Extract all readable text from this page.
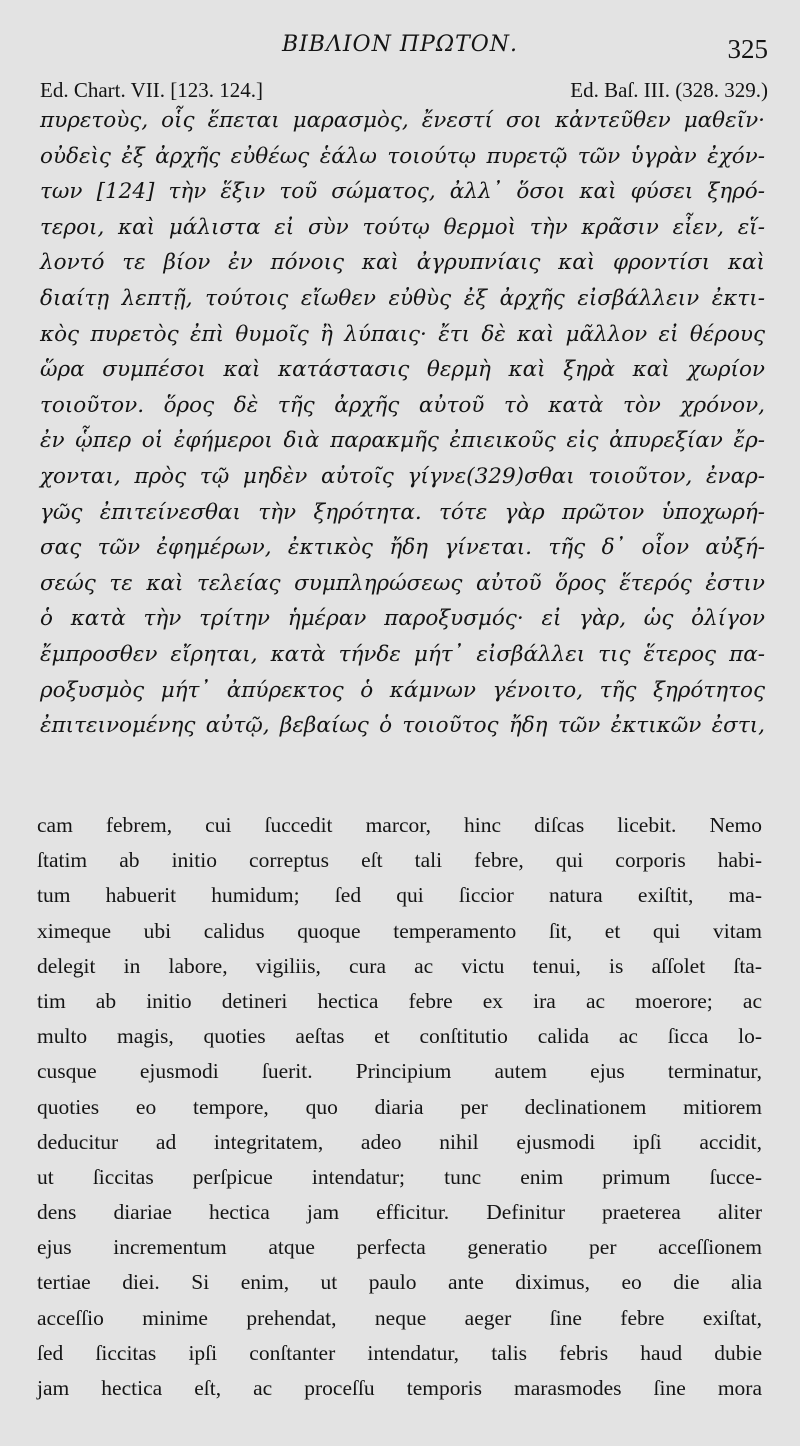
ΒΙΒΛΙΟΝ ΠΡΩΤΟΝ.	325
Ed. Chart. VII. [123. 124.]	Ed. Baſ. III. (328. 329.)
πυρετοὺς, οἷς ἕπεται μαρασμὸς, ἔνεστί σοι κἀντεῦθεν μαθεῖν·
οὐδεὶς ἐξ ἀρχῆς εὐθέως ἑάλω τοιούτῳ πυρετῷ τῶν ὑγρὰν ἐχόν-
των [124] τὴν ἕξιν τοῦ σώματος, ἀλλ᾽ ὅσοι καὶ φύσει ξηρό-
τεροι, καὶ μάλιστα εἰ σὺν τούτῳ θερμοὶ τὴν κρᾶσιν εἶεν, εἵ-
λοντό τε βίον ἐν πόνοις καὶ ἀγρυπνίαις καὶ φροντίσι καὶ
διαίτῃ λεπτῇ, τούτοις εἴωθεν εὐθὺς ἐξ ἀρχῆς εἰσβάλλειν ἐκτι-
κὸς πυρετὸς ἐπὶ θυμοῖς ἢ λύπαις· ἔτι δὲ καὶ μᾶλλον εἰ θέρους
ὥρα συμπέσοι καὶ κατάστασις θερμὴ καὶ ξηρὰ καὶ χωρίον
τοιοῦτον. ὅρος δὲ τῆς ἀρχῆς αὐτοῦ τὸ κατὰ τὸν χρόνον,
ἐν ᾧπερ οἱ ἐφήμεροι διὰ παρακμῆς ἐπιεικοῦς εἰς ἀπυρεξίαν ἔρ-
χονται, πρὸς τῷ μηδὲν αὐτοῖς γίγνε(329)σθαι τοιοῦτον, ἐναρ-
γῶς ἐπιτείνεσθαι τὴν ξηρότητα. τότε γὰρ πρῶτον ὑποχωρή-
σας τῶν ἐφημέρων, ἐκτικὸς ἤδη γίνεται. τῆς δ᾽ οἷον αὐξή-
σεώς τε καὶ τελείας συμπληρώσεως αὐτοῦ ὅρος ἕτερός ἐστιν
ὁ κατὰ τὴν τρίτην ἡμέραν παροξυσμός· εἰ γὰρ, ὡς ὀλίγον
ἔμπροσθεν εἴρηται, κατὰ τήνδε μήτ᾽ εἰσβάλλει τις ἕτερος πα-
ροξυσμὸς μήτ᾽ ἀπύρεκτος ὁ κάμνων γένοιτο, τῆς ξηρότητος
ἐπιτεινομένης αὐτῷ, βεβαίως ὁ τοιοῦτος ἤδη τῶν ἐκτικῶν ἐστι,
cam febrem, cui ſuccedit marcor, hinc diſcas licebit. Nemo
ſtatim ab initio correptus eſt tali febre, qui corporis habi-
tum habuerit humidum; ſed qui ſiccior natura exiſtit, ma-
ximeque ubi calidus quoque temperamento ſit, et qui vitam
delegit in labore, vigiliis, cura ac victu tenui, is aſſolet ſta-
tim ab initio detineri hectica febre ex ira ac moerore; ac
multo magis, quoties aeſtas et conſtitutio calida ac ſicca lo-
cusque ejusmodi ſuerit. Principium autem ejus terminatur,
quoties eo tempore, quo diaria per declinationem mitiorem
deducitur ad integritatem, adeo nihil ejusmodi ipſi accidit,
ut ſiccitas perſpicue intendatur; tunc enim primum ſucce-
dens diariae hectica jam efficitur. Definitur praeterea aliter
ejus incrementum atque perfecta generatio per acceſſionem
tertiae diei. Si enim, ut paulo ante diximus, eo die alia
acceſſio minime prehendat, neque aeger ſine febre exiſtat,
ſed ſiccitas ipſi conſtanter intendatur, talis febris haud dubie
jam hectica eſt, ac proceſſu temporis marasmodes ſine mora
